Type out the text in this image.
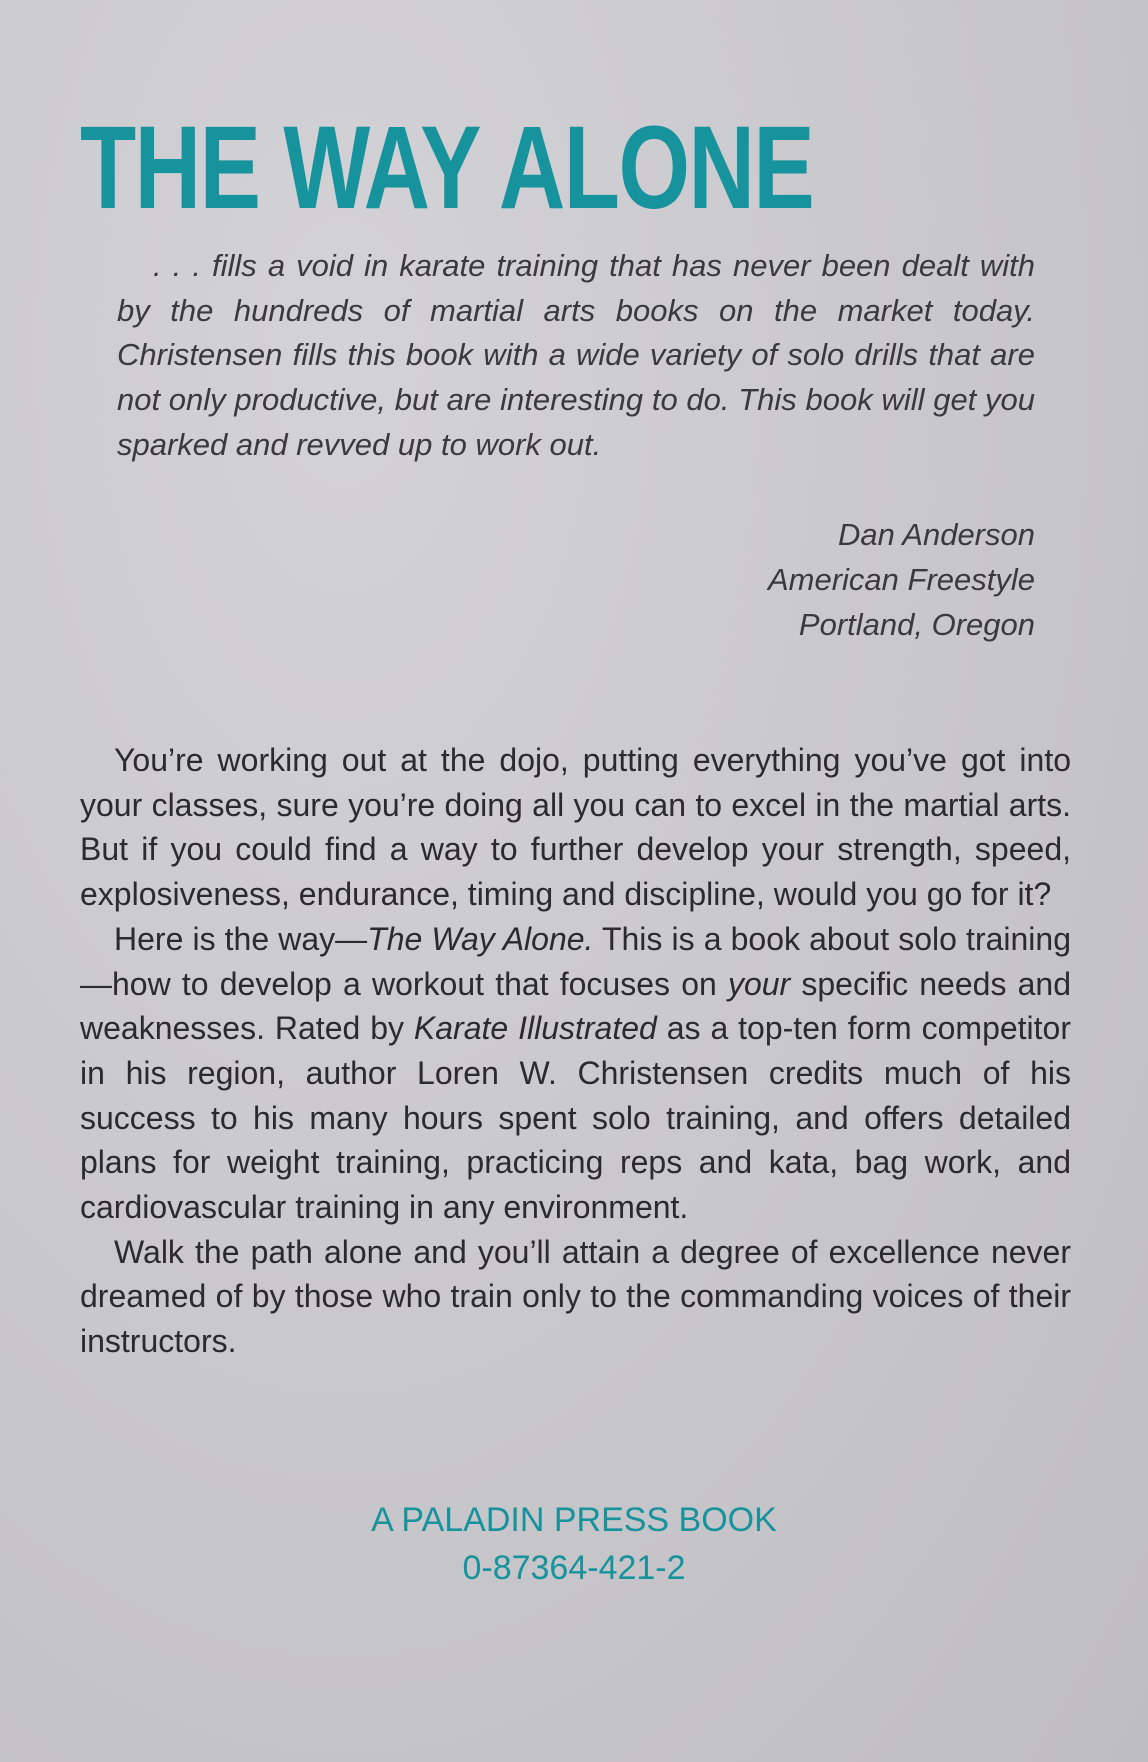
THE WAY ALONE

. . . fills a void in karate training that has never been dealt with by the hundreds of martial arts books on the market today. Christensen fills this book with a wide variety of solo drills that are not only productive, but are interesting to do. This book will get you sparked and revved up to work out.

Dan Anderson
American Freestyle
Portland, Oregon

You’re working out at the dojo, putting everything you’ve got into your classes, sure you’re doing all you can to excel in the martial arts. But if you could find a way to further develop your strength, speed, explosiveness, endurance, timing and discipline, would you go for it?

Here is the way—The Way Alone. This is a book about solo training—how to develop a workout that focuses on your specific needs and weaknesses. Rated by Karate Illustrated as a top-ten form competitor in his region, author Loren W. Christensen credits much of his success to his many hours spent solo training, and offers detailed plans for weight training, practicing reps and kata, bag work, and cardiovascular training in any environment.

Walk the path alone and you’ll attain a degree of excellence never dreamed of by those who train only to the commanding voices of their instructors.

A PALADIN PRESS BOOK
0-87364-421-2
